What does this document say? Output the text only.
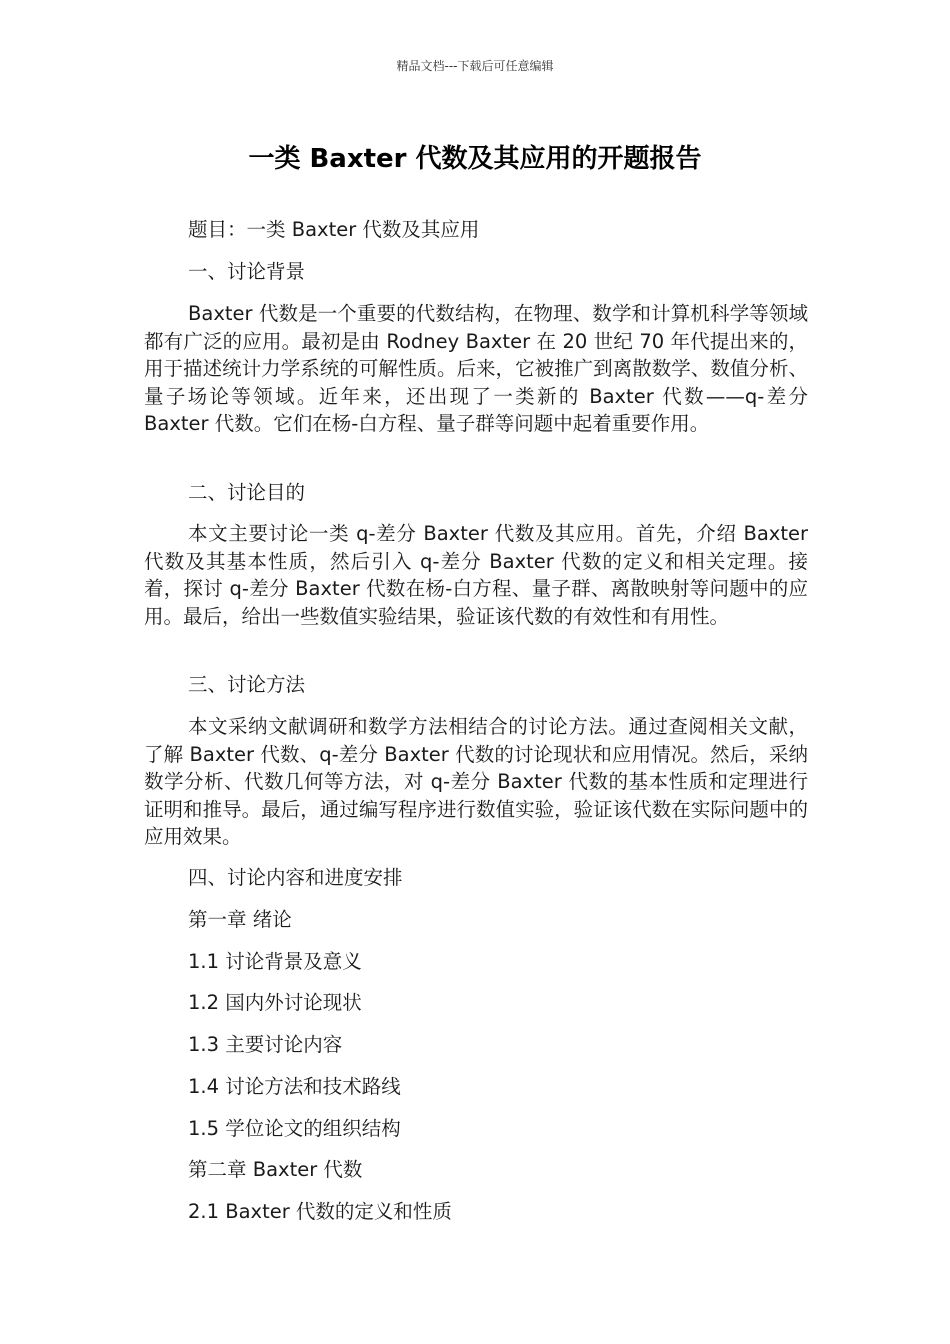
精品文档---下载后可任意编辑
一类 Baxter 代数及其应用的开题报告
题目：一类 Baxter 代数及其应用
一、讨论背景
Baxter 代数是一个重要的代数结构，在物理、数学和计算机科学等领域都有广泛的应用。最初是由 Rodney Baxter 在 20 世纪 70 年代提出来的，用于描述统计力学系统的可解性质。后来，它被推广到离散数学、数值分析、量子场论等领域。近年来，还出现了一类新的 Baxter 代数——q-差分 Baxter 代数。它们在杨-白方程、量子群等问题中起着重要作用。
二、讨论目的
本文主要讨论一类 q-差分 Baxter 代数及其应用。首先，介绍 Baxter 代数及其基本性质，然后引入 q-差分 Baxter 代数的定义和相关定理。接着，探讨 q-差分 Baxter 代数在杨-白方程、量子群、离散映射等问题中的应用。最后，给出一些数值实验结果，验证该代数的有效性和有用性。
三、讨论方法
本文采纳文献调研和数学方法相结合的讨论方法。通过查阅相关文献，了解 Baxter 代数、q-差分 Baxter 代数的讨论现状和应用情况。然后，采纳数学分析、代数几何等方法，对 q-差分 Baxter 代数的基本性质和定理进行证明和推导。最后，通过编写程序进行数值实验，验证该代数在实际问题中的应用效果。
四、讨论内容和进度安排
第一章 绪论
1.1 讨论背景及意义
1.2 国内外讨论现状
1.3 主要讨论内容
1.4 讨论方法和技术路线
1.5 学位论文的组织结构
第二章 Baxter 代数
2.1 Baxter 代数的定义和性质
